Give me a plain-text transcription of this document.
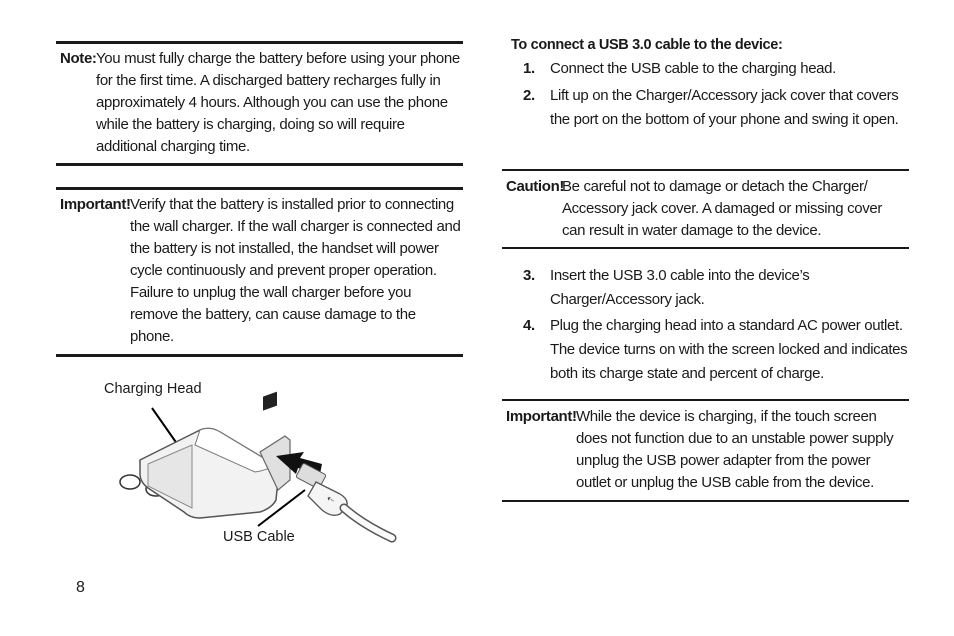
Note: You must fully charge the battery before using your phone for the first time. A discharged battery recharges fully in approximately 4 hours. Although you can use the phone while the battery is charging, doing so will require additional charging time.
Important! Verify that the battery is installed prior to connecting the wall charger. If the wall charger is connected and the battery is not installed, the handset will power cycle continuously and prevent proper operation. Failure to unplug the wall charger before you remove the battery, can cause damage to the phone.
Charging Head
USB Cable
⇠
8
To connect a USB 3.0 cable to the device:
1.	Connect the USB cable to the charging head.
2.	Lift up on the Charger/Accessory jack cover that covers the port on the bottom of your phone and swing it open.
Caution!
Be careful not to damage or detach the Charger/ Accessory jack cover. A damaged or missing cover can result in water damage to the device.
3.	Insert the USB 3.0 cable into the device’s Charger/Accessory jack.
4.	Plug the charging head into a standard AC power outlet. The device turns on with the screen locked and indicates both its charge state and percent of charge.
Important! While the device is charging, if the touch screen does not function due to an unstable power supply unplug the USB power adapter from the power outlet or unplug the USB cable from the device.
